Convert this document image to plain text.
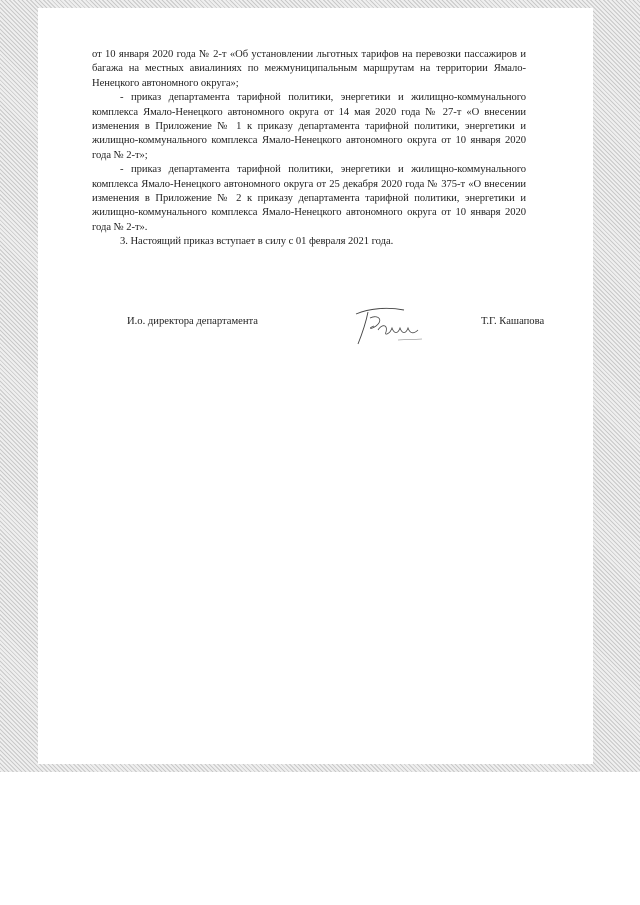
от 10 января 2020 года № 2-т «Об установлении льготных тарифов на перевозки пассажиров и багажа на местных авиалиниях по межмуниципальным маршрутам на территории Ямало-Ненецкого автономного округа»;

- приказ департамента тарифной политики, энергетики и жилищно-коммунального комплекса Ямало-Ненецкого автономного округа от 14 мая 2020 года № 27-т «О внесении изменения в Приложение № 1 к приказу департамента тарифной политики, энергетики и жилищно-коммунального комплекса Ямало-Ненецкого автономного округа от 10 января 2020 года № 2-т»;

- приказ департамента тарифной политики, энергетики и жилищно-коммунального комплекса Ямало-Ненецкого автономного округа от 25 декабря 2020 года № 375-т «О внесении изменения в Приложение № 2 к приказу департамента тарифной политики, энергетики и жилищно-коммунального комплекса Ямало-Ненецкого автономного округа от 10 января 2020 года № 2-т».

3. Настоящий приказ вступает в силу с 01 февраля 2021 года.

И.о. директора департамента	Т.Г. Кашапова
